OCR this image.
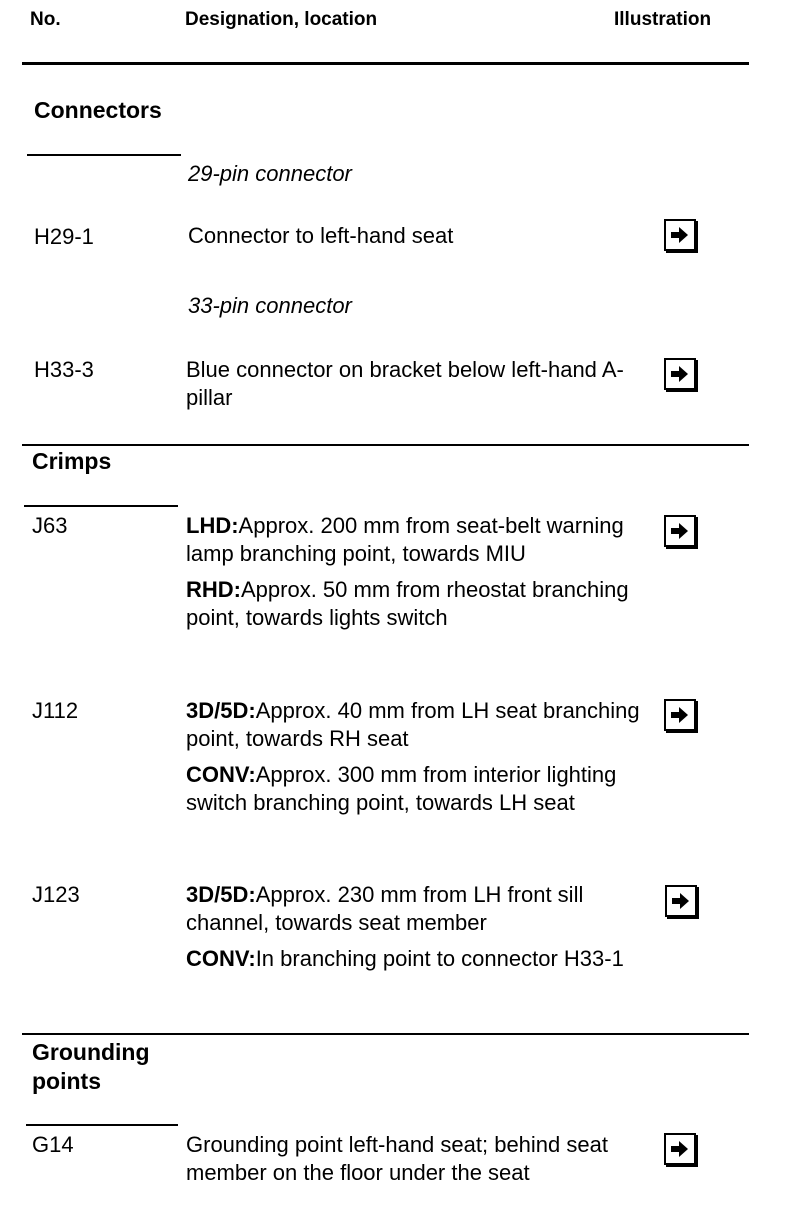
No.	Designation, location	Illustration
Connectors
29-pin connector
H29-1	Connector to left-hand seat
33-pin connector
H33-3	Blue connector on bracket below left-hand A-pillar
Crimps
J63	LHD:Approx. 200 mm from seat-belt warning lamp branching point, towards MIU
RHD:Approx. 50 mm from rheostat branching point, towards lights switch
J112	3D/5D:Approx. 40 mm from LH seat branching point, towards RH seat
CONV:Approx. 300 mm from interior lighting switch branching point, towards LH seat
J123	3D/5D:Approx. 230 mm from LH front sill channel, towards seat member
CONV:In branching point to connector H33-1
Grounding points
G14	Grounding point left-hand seat; behind seat member on the floor under the seat
